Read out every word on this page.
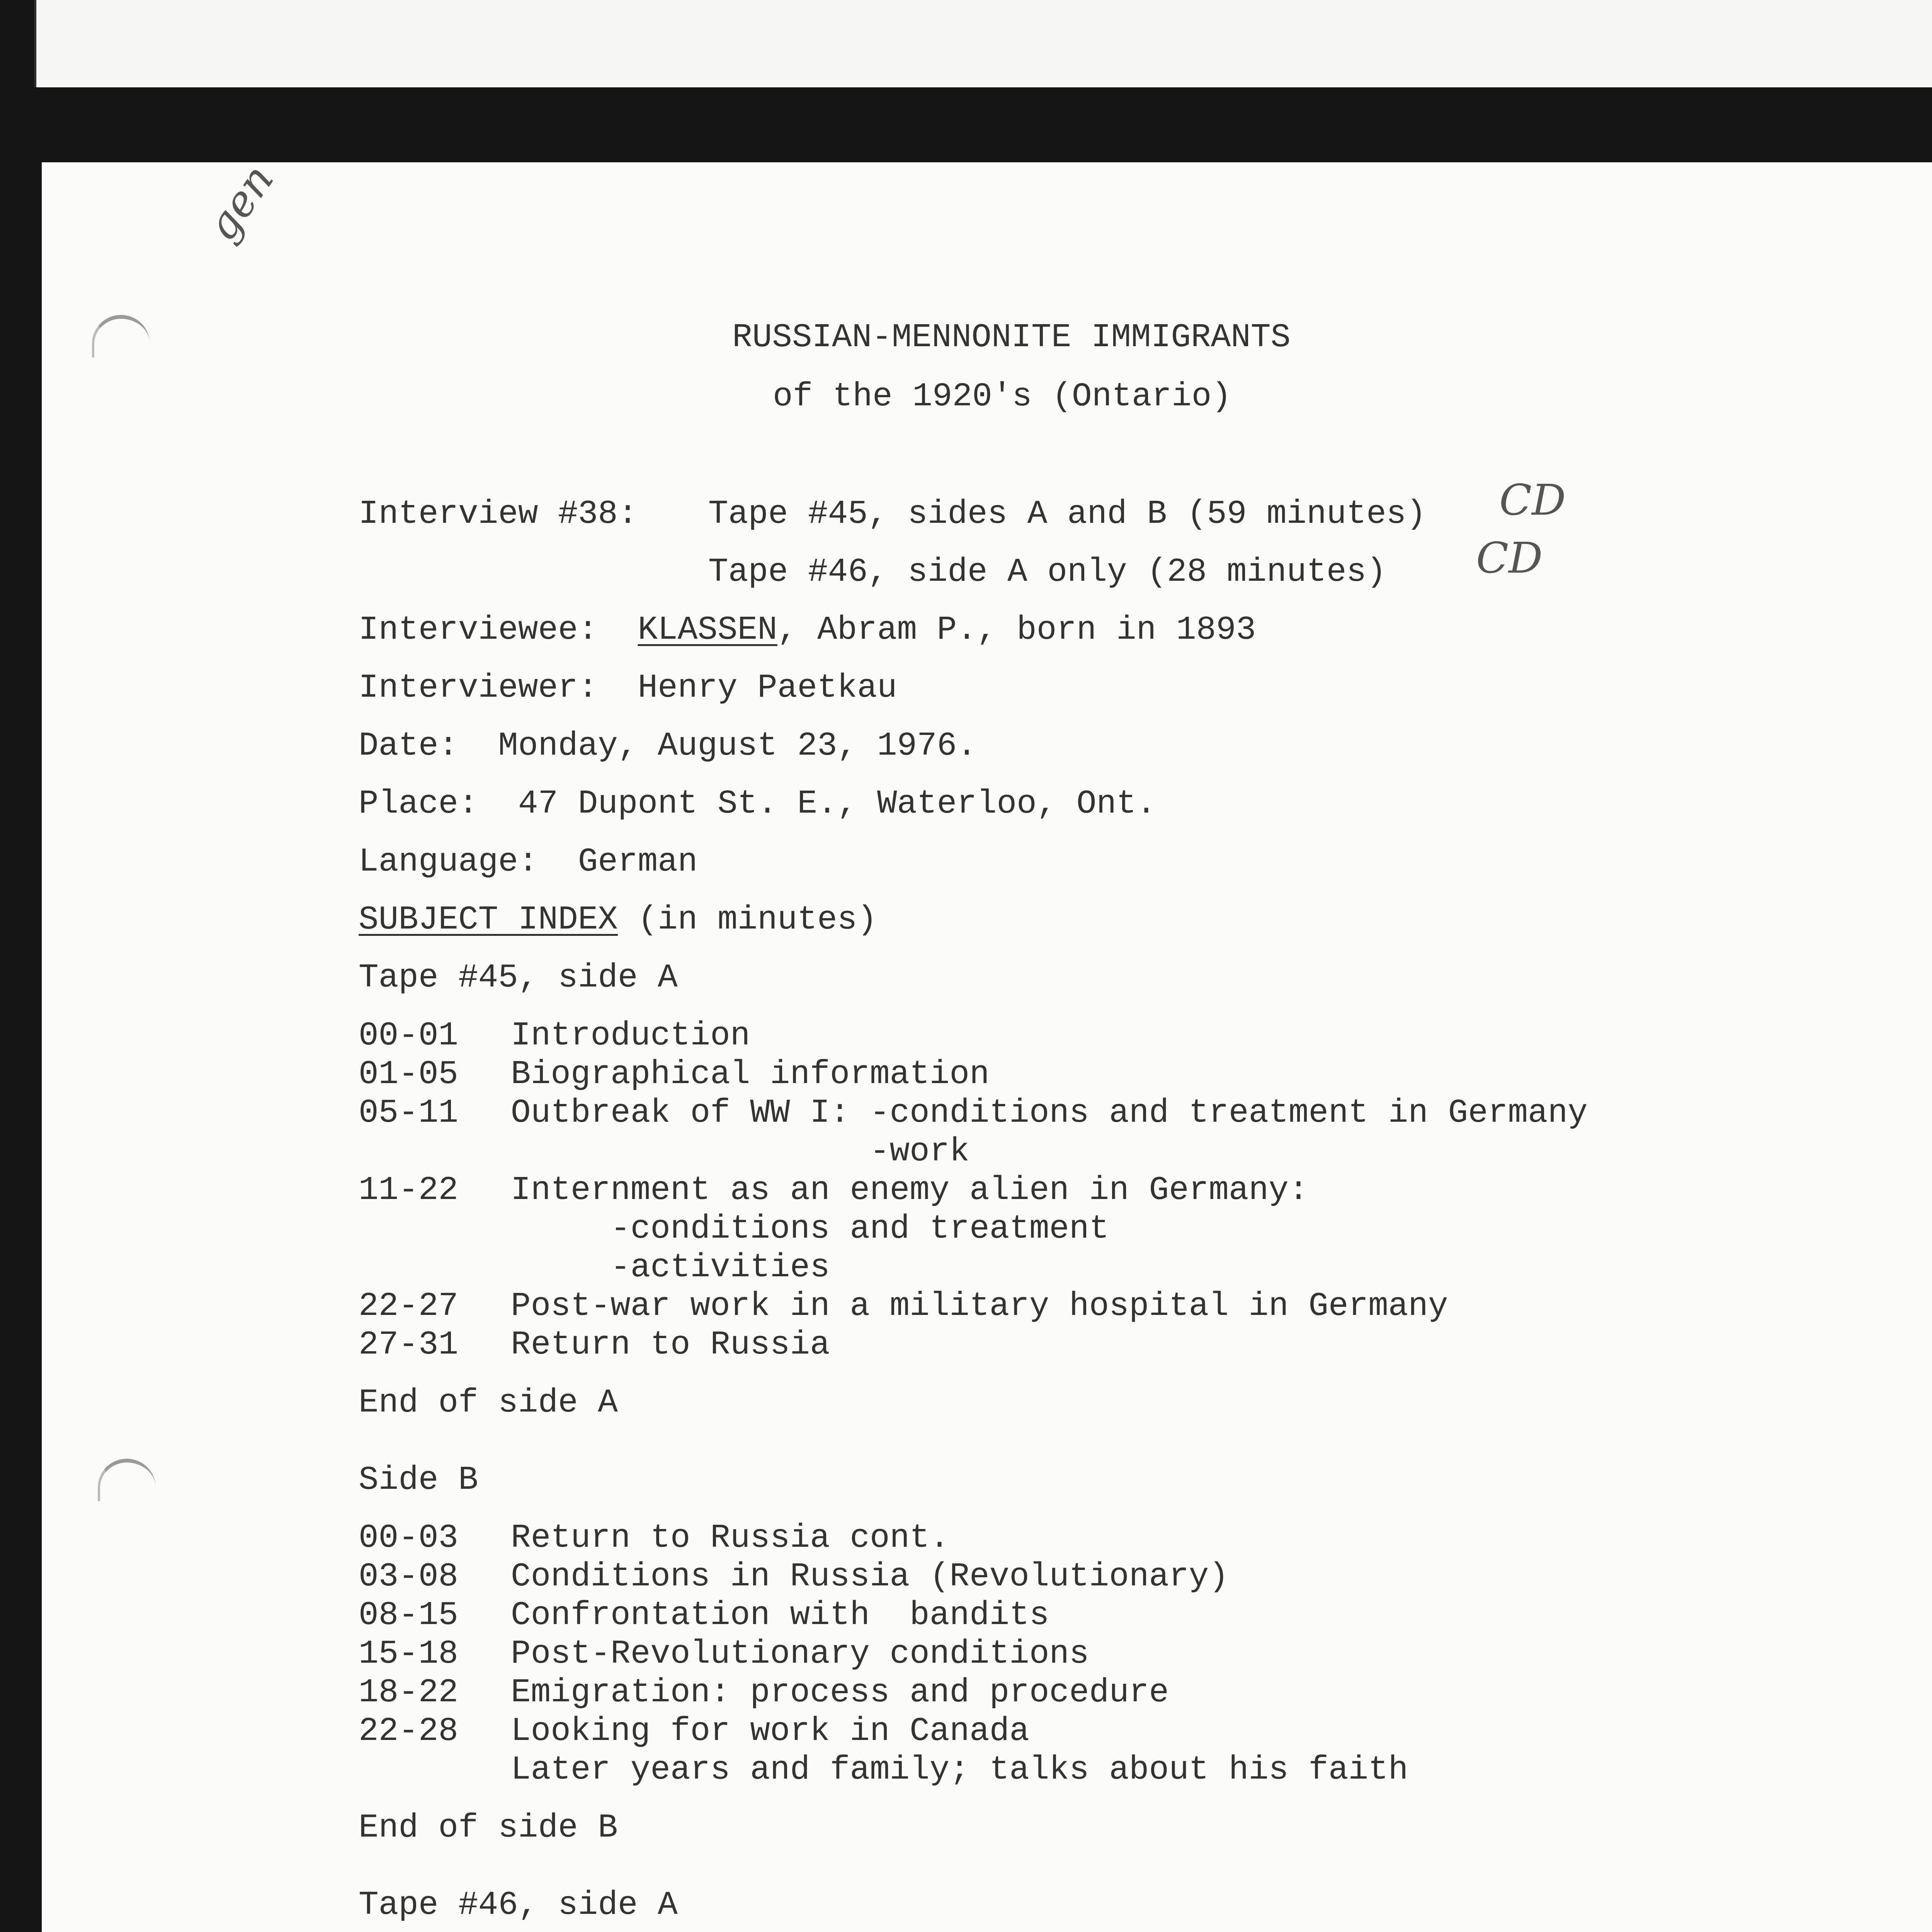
gen
RUSSIAN-MENNONITE IMMIGRANTS
of the 1920's (Ontario)
Interview #38: Tape #45, sides A and B (59 minutes) CD
Tape #46, side A only (28 minutes) CD
Interviewee: KLASSEN, Abram P., born in 1893
Interviewer: Henry Paetkau
Date: Monday, August 23, 1976.
Place: 47 Dupont St. E., Waterloo, Ont.
Language: German
SUBJECT INDEX (in minutes)
Tape #45, side A
00-01 Introduction
01-05 Biographical information
05-11 Outbreak of WW I: -conditions and treatment in Germany
-work
11-22 Internment as an enemy alien in Germany:
-conditions and treatment
-activities
22-27 Post-war work in a military hospital in Germany
27-31 Return to Russia
End of side A
Side B
00-03 Return to Russia cont.
03-08 Conditions in Russia (Revolutionary)
08-15 Confrontation with  bandits
15-18 Post-Revolutionary conditions
18-22 Emigration: process and procedure
22-28 Looking for work in Canada
Later years and family; talks about his faith
End of side B
Tape #46, side A
